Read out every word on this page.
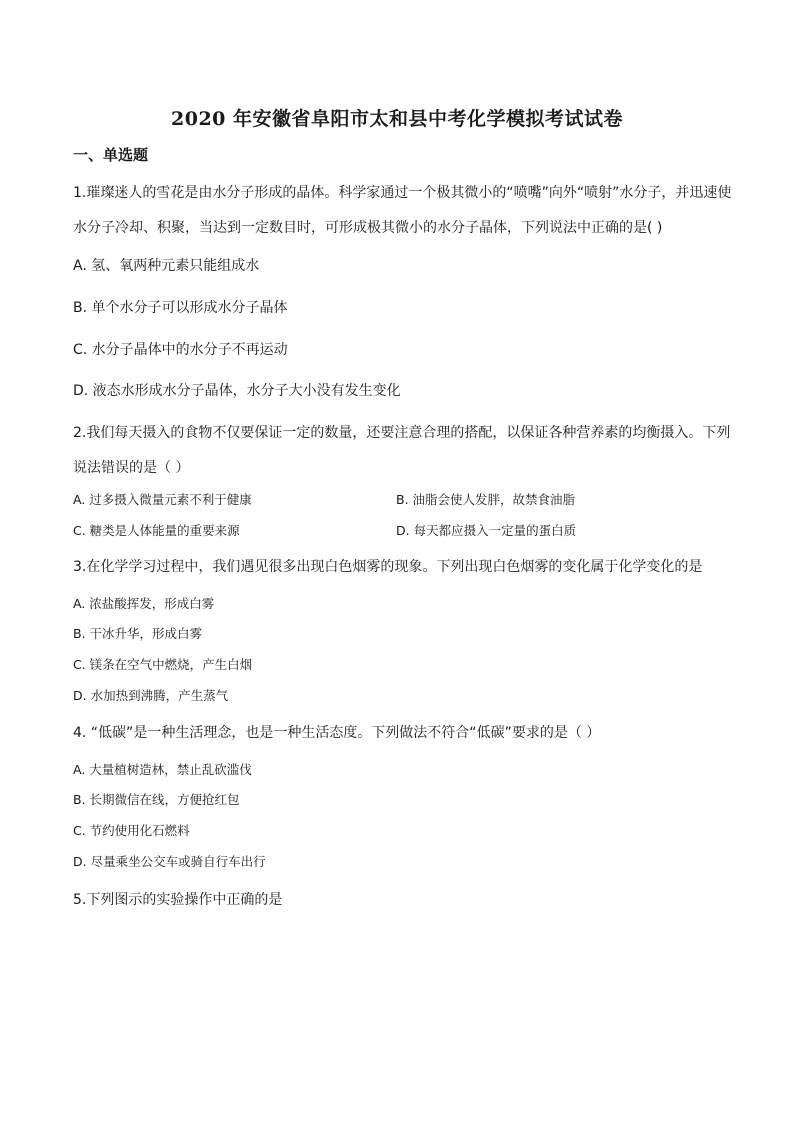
2020 年安徽省阜阳市太和县中考化学模拟考试试卷
一、单选题
1.璀璨迷人的雪花是由水分子形成的晶体。科学家通过一个极其微小的“喷嘴”向外“喷射”水分子，并迅速使
水分子冷却、积聚，当达到一定数目时，可形成极其微小的水分子晶体，下列说法中正确的是( )
A. 氢、氧两种元素只能组成水
B. 单个水分子可以形成水分子晶体
C. 水分子晶体中的水分子不再运动
D. 液态水形成水分子晶体，水分子大小没有发生变化
2.我们每天摄入的食物不仅要保证一定的数量，还要注意合理的搭配，以保证各种营养素的均衡摄入。下列
说法错误的是（ ）
A. 过多摄入微量元素不利于健康	B. 油脂会使人发胖，故禁食油脂
C. 糖类是人体能量的重要来源	D. 每天都应摄入一定量的蛋白质
3.在化学学习过程中，我们遇见很多出现白色烟雾的现象。下列出现白色烟雾的变化属于化学变化的是
A. 浓盐酸挥发，形成白雾
B. 干冰升华，形成白雾
C. 镁条在空气中燃烧，产生白烟
D. 水加热到沸腾，产生蒸气
4. “低碳”是一种生活理念，也是一种生活态度。下列做法不符合“低碳”要求的是（ ）
A. 大量植树造林，禁止乱砍滥伐
B. 长期微信在线，方便抢红包
C. 节约使用化石燃料
D. 尽量乘坐公交车或骑自行车出行
5.下列图示的实验操作中正确的是
